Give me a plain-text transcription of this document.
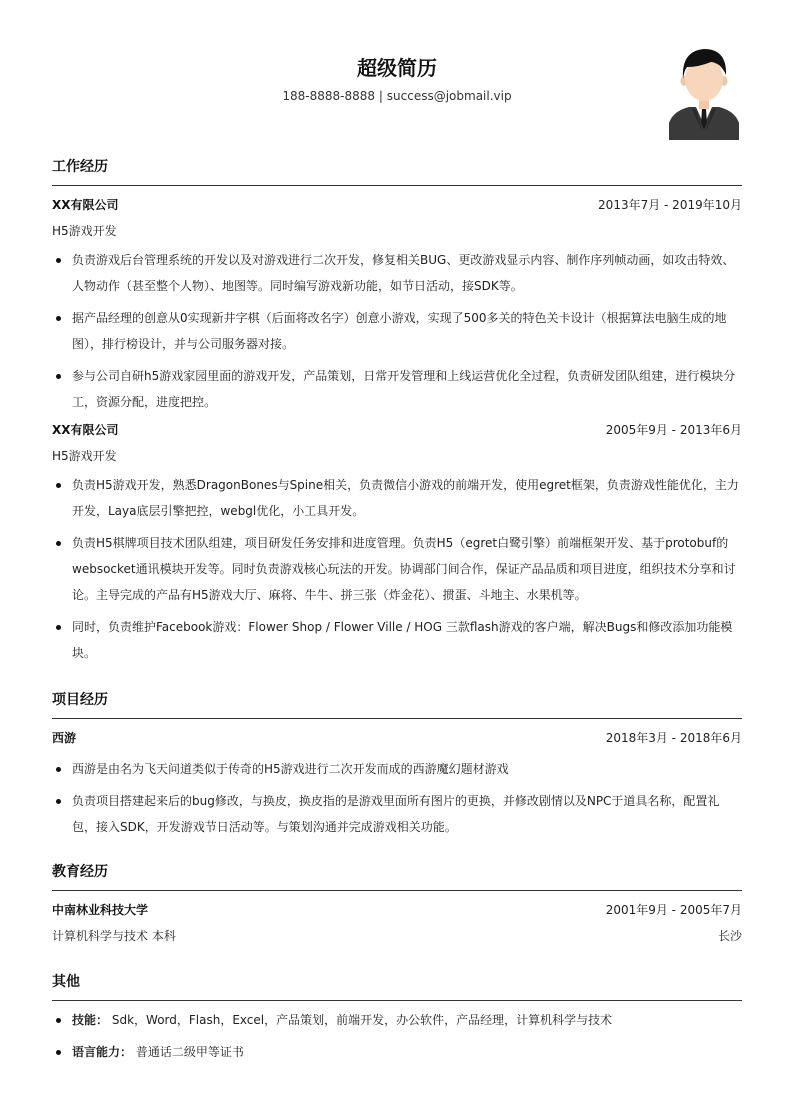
超级简历
188-8888-8888 | success@jobmail.vip
工作经历
XX有限公司	2013年7月 - 2019年10月
H5游戏开发
负责游戏后台管理系统的开发以及对游戏进行二次开发，修复相关BUG、更改游戏显示内容、制作序列帧动画，如攻击特效、人物动作（甚至整个人物）、地图等。同时编写游戏新功能，如节日活动，接SDK等。
据产品经理的创意从0实现新井字棋（后面将改名字）创意小游戏，实现了500多关的特色关卡设计（根据算法电脑生成的地图），排行榜设计，并与公司服务器对接。
参与公司自研h5游戏家园里面的游戏开发，产品策划，日常开发管理和上线运营优化全过程，负责研发团队组建，进行模块分工，资源分配，进度把控。
XX有限公司	2005年9月 - 2013年6月
H5游戏开发
负责H5游戏开发，熟悉DragonBones与Spine相关，负责微信小游戏的前端开发，使用egret框架，负责游戏性能优化，主力开发，Laya底层引擎把控，webgl优化，小工具开发。
负责H5棋牌项目技术团队组建，项目研发任务安排和进度管理。负责H5（egret白鹭引擎）前端框架开发、基于protobuf的websocket通讯模块开发等。同时负责游戏核心玩法的开发。协调部门间合作，保证产品品质和项目进度，组织技术分享和讨论。主导完成的产品有H5游戏大厅、麻将、牛牛、拼三张（炸金花）、掼蛋、斗地主、水果机等。
同时，负责维护Facebook游戏：Flower Shop / Flower Ville / HOG 三款flash游戏的客户端，解决Bugs和修改添加功能模块。
项目经历
西游	2018年3月 - 2018年6月
西游是由名为飞天问道类似于传奇的H5游戏进行二次开发而成的西游魔幻题材游戏
负责项目搭建起来后的bug修改，与换皮，换皮指的是游戏里面所有图片的更换，并修改剧情以及NPC于道具名称，配置礼包，接入SDK，开发游戏节日活动等。与策划沟通并完成游戏相关功能。
教育经历
中南林业科技大学	2001年9月 - 2005年7月
计算机科学与技术 本科	长沙
其他
技能： Sdk，Word，Flash，Excel，产品策划，前端开发，办公软件，产品经理，计算机科学与技术
语言能力： 普通话二级甲等证书
